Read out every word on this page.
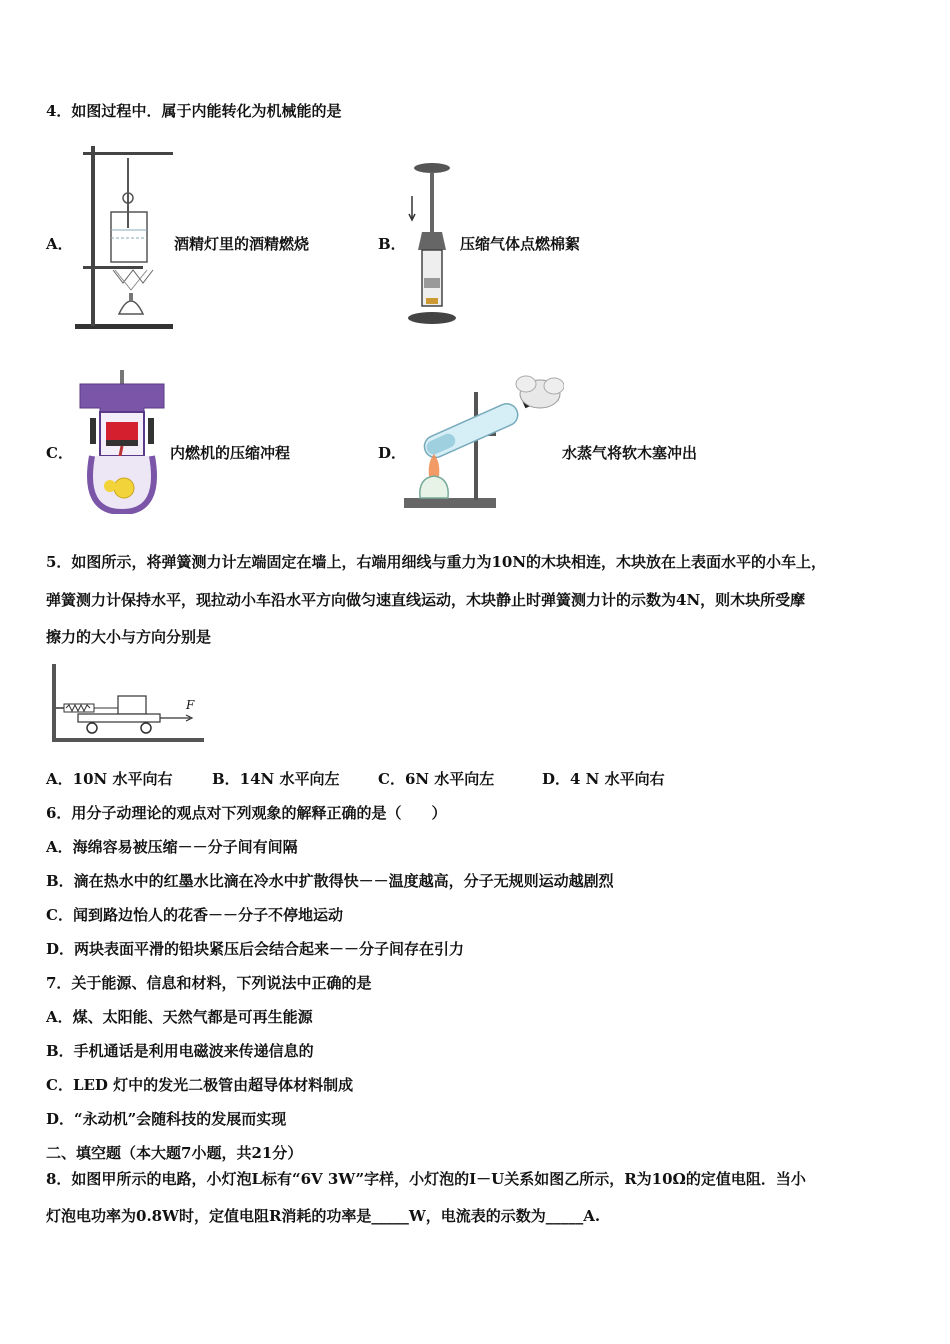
4．如图过程中．属于内能转化为机械能的是
A．	酒精灯里的酒精燃烧	B．	压缩气体点燃棉絮
C．	内燃机的压缩冲程	D．	水蒸气将软木塞冲出
5．如图所示，将弹簧测力计左端固定在墙上，右端用细线与重力为10N的木块相连，木块放在上表面水平的小车上，
弹簧测力计保持水平，现拉动小车沿水平方向做匀速直线运动，木块静止时弹簧测力计的示数为4N，则木块所受摩
擦力的大小与方向分别是
F
A．10N 水平向右	B．14N 水平向左	C．6N 水平向左	D．4 N 水平向右
6．用分子动理论的观点对下列观象的解释正确的是（　　）
A．海绵容易被压缩－－分子间有间隔
B．滴在热水中的红墨水比滴在冷水中扩散得快－－温度越高，分子无规则运动越剧烈
C．闻到路边怡人的花香－－分子不停地运动
D．两块表面平滑的铅块紧压后会结合起来－－分子间存在引力
7．关于能源、信息和材料，下列说法中正确的是
A．煤、太阳能、天然气都是可再生能源
B．手机通话是利用电磁波来传递信息的
C．LED 灯中的发光二极管由超导体材料制成
D．“永动机”会随科技的发展而实现
二、填空题（本大题7小题，共21分）
8．如图甲所示的电路，小灯泡L标有“6V 3W”字样，小灯泡的I－U关系如图乙所示，R为10Ω的定值电阻．当小
灯泡电功率为0.8W时，定值电阻R消耗的功率是_____W，电流表的示数为_____A.
